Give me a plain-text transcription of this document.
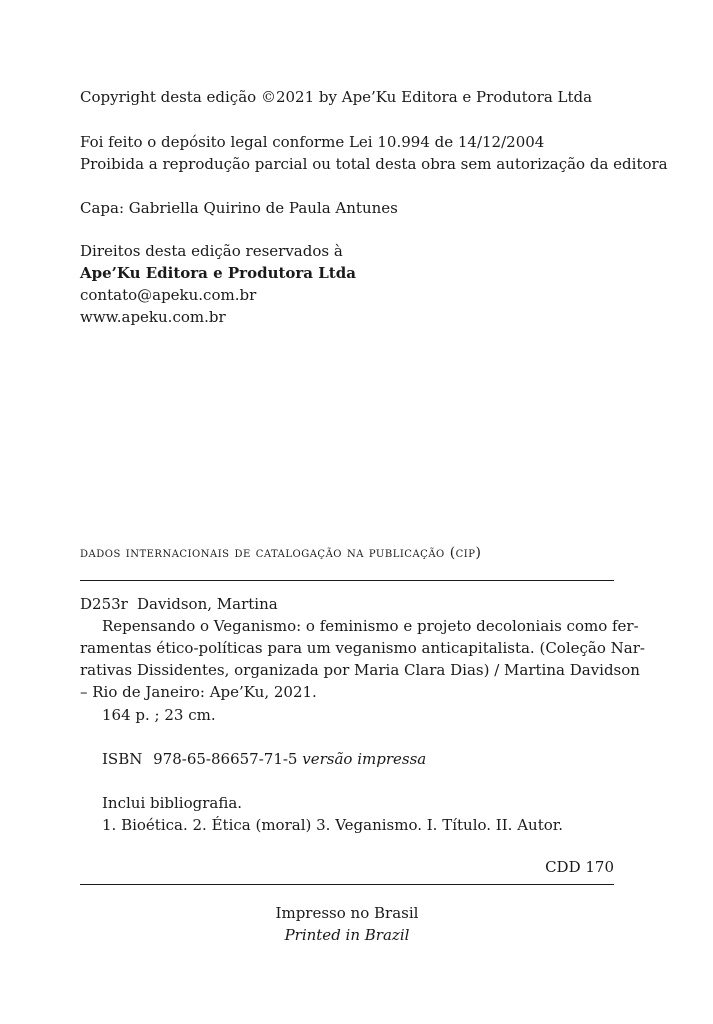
Copyright desta edição ©2021 by Ape’Ku Editora e Produtora Ltda
Foi feito o depósito legal conforme Lei 10.994 de 14/12/2004
Proibida a reprodução parcial ou total desta obra sem autorização da editora
Capa: Gabriella Quirino de Paula Antunes
Direitos desta edição reservados à
Ape’Ku Editora e Produtora Ltda
contato@apeku.com.br
www.apeku.com.br
dados internacionais de catalogação na publicação (cip)
D253r Davidson, Martina
Repensando o Veganismo: o feminismo e projeto decoloniais como fer-
ramentas ético-políticas para um veganismo anticapitalista. (Coleção Nar-
rativas Dissidentes, organizada por Maria Clara Dias) / Martina Davidson
– Rio de Janeiro: Ape’Ku, 2021.
164 p. ; 23 cm.
ISBN 978-65-86657-71-5 versão impressa
Inclui bibliografia.
1. Bioética. 2. Ética (moral) 3. Veganismo. I. Título. II. Autor.
CDD 170
Impresso no Brasil
Printed in Brazil
